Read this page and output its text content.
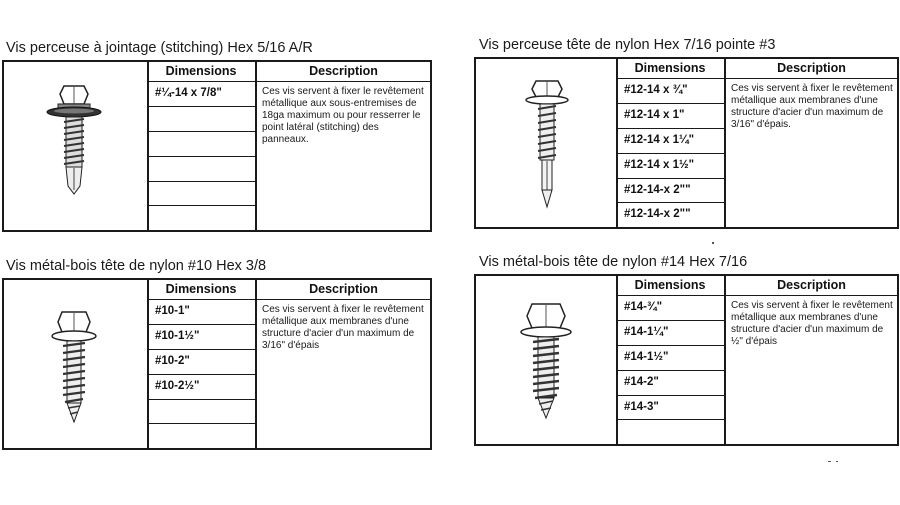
Vis perceuse à jointage (stitching) Hex 5/16 A/R
Dimensions
#¼-14 x 7/8"
Description
Ces vis servent à fixer le revêtement métallique aux sous-entremises de 18ga maximum ou pour resserrer le point latéral (stitching) des panneaux.
Vis perceuse tête de nylon Hex 7/16 pointe #3
Dimensions
#12-14 x ¾"
#12-14 x 1"
#12-14 x 1¼"
#12-14 x 1½"
#12-14-x 2""
#12-14-x 2""
Description
Ces vis servent à fixer le revêtement métallique aux membranes d'une structure d'acier d'un maximum de 3/16" d'épais.
Vis métal-bois tête de nylon #10 Hex 3/8
Dimensions
#10-1"
#10-1½"
#10-2"
#10-2½"
Description
Ces vis servent à fixer le revêtement métallique aux membranes d'une structure d'acier d'un maximum de 3/16" d'épais
Vis métal-bois tête de nylon #14 Hex 7/16
Dimensions
#14-¾"
#14-1¼"
#14-1½"
#14-2"
#14-3"
Description
Ces vis servent à fixer le revêtement métallique aux membranes d'une structure d'acier d'un maximum de ½" d'épais
